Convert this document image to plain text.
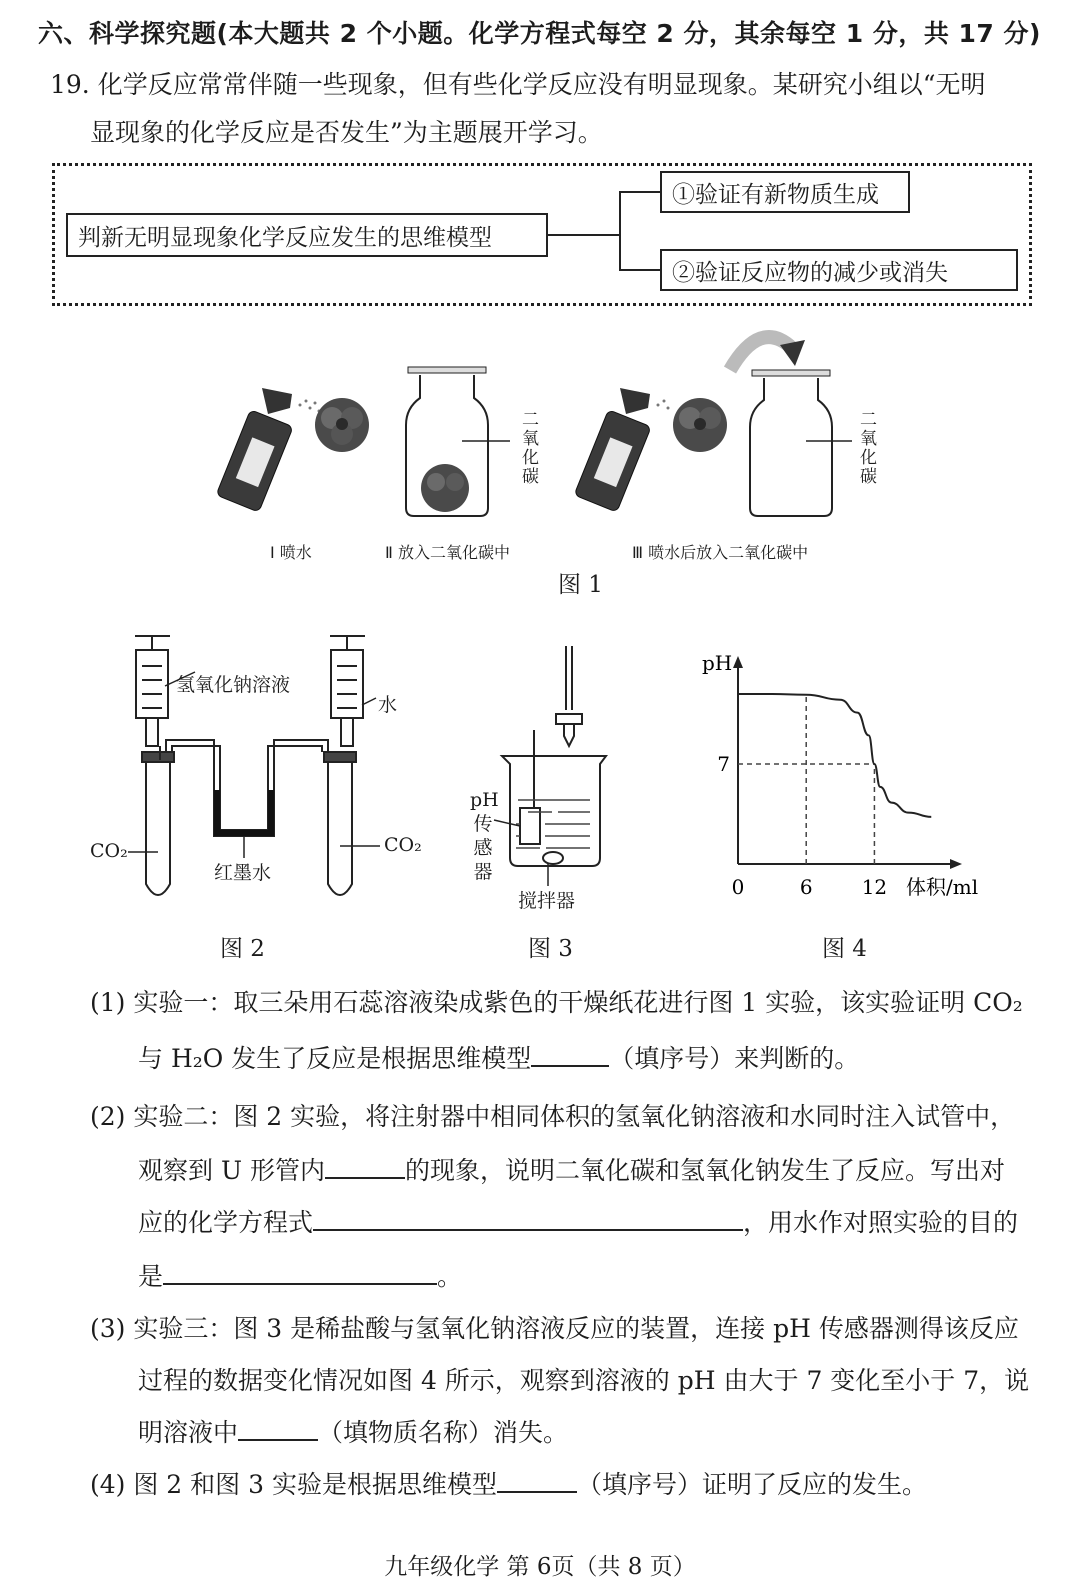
六、科学探究题(本大题共 2 个小题。化学方程式每空 2 分，其余每空 1 分，共 17 分)
19. 化学反应常常伴随一些现象，但有些化学反应没有明显现象。某研究小组以“无明
显现象的化学反应是否发生”为主题展开学习。
判新无明显现象化学反应发生的思维模型
①验证有新物质生成
②验证反应物的减少或消失
二氧化碳	二氧化碳
Ⅰ 喷水	Ⅱ 放入二氧化碳中	Ⅲ 喷水后放入二氧化碳中
图 1
氢氧化钠溶液
水
CO₂	CO₂
红墨水
图 2
pH传感器
搅拌器
图 3
pH
体积/ml
0	6 12
7
图 4
(1) 实验一：取三朵用石蕊溶液染成紫色的干燥纸花进行图 1 实验，该实验证明 CO₂
与 H₂O 发生了反应是根据思维模型	（填序号）来判断的。
(2) 实验二：图 2 实验，将注射器中相同体积的氢氧化钠溶液和水同时注入试管中，
观察到 U 形管内	的现象，说明二氧化碳和氢氧化钠发生了反应。写出对
应的化学方程式	，用水作对照实验的目的
是	。
(3) 实验三：图 3 是稀盐酸与氢氧化钠溶液反应的装置，连接 pH 传感器测得该反应
过程的数据变化情况如图 4 所示，观察到溶液的 pH 由大于 7 变化至小于 7，说
明溶液中	（填物质名称）消失。
(4) 图 2 和图 3 实验是根据思维模型	（填序号）证明了反应的发生。
九年级化学 第 6页（共 8 页）
